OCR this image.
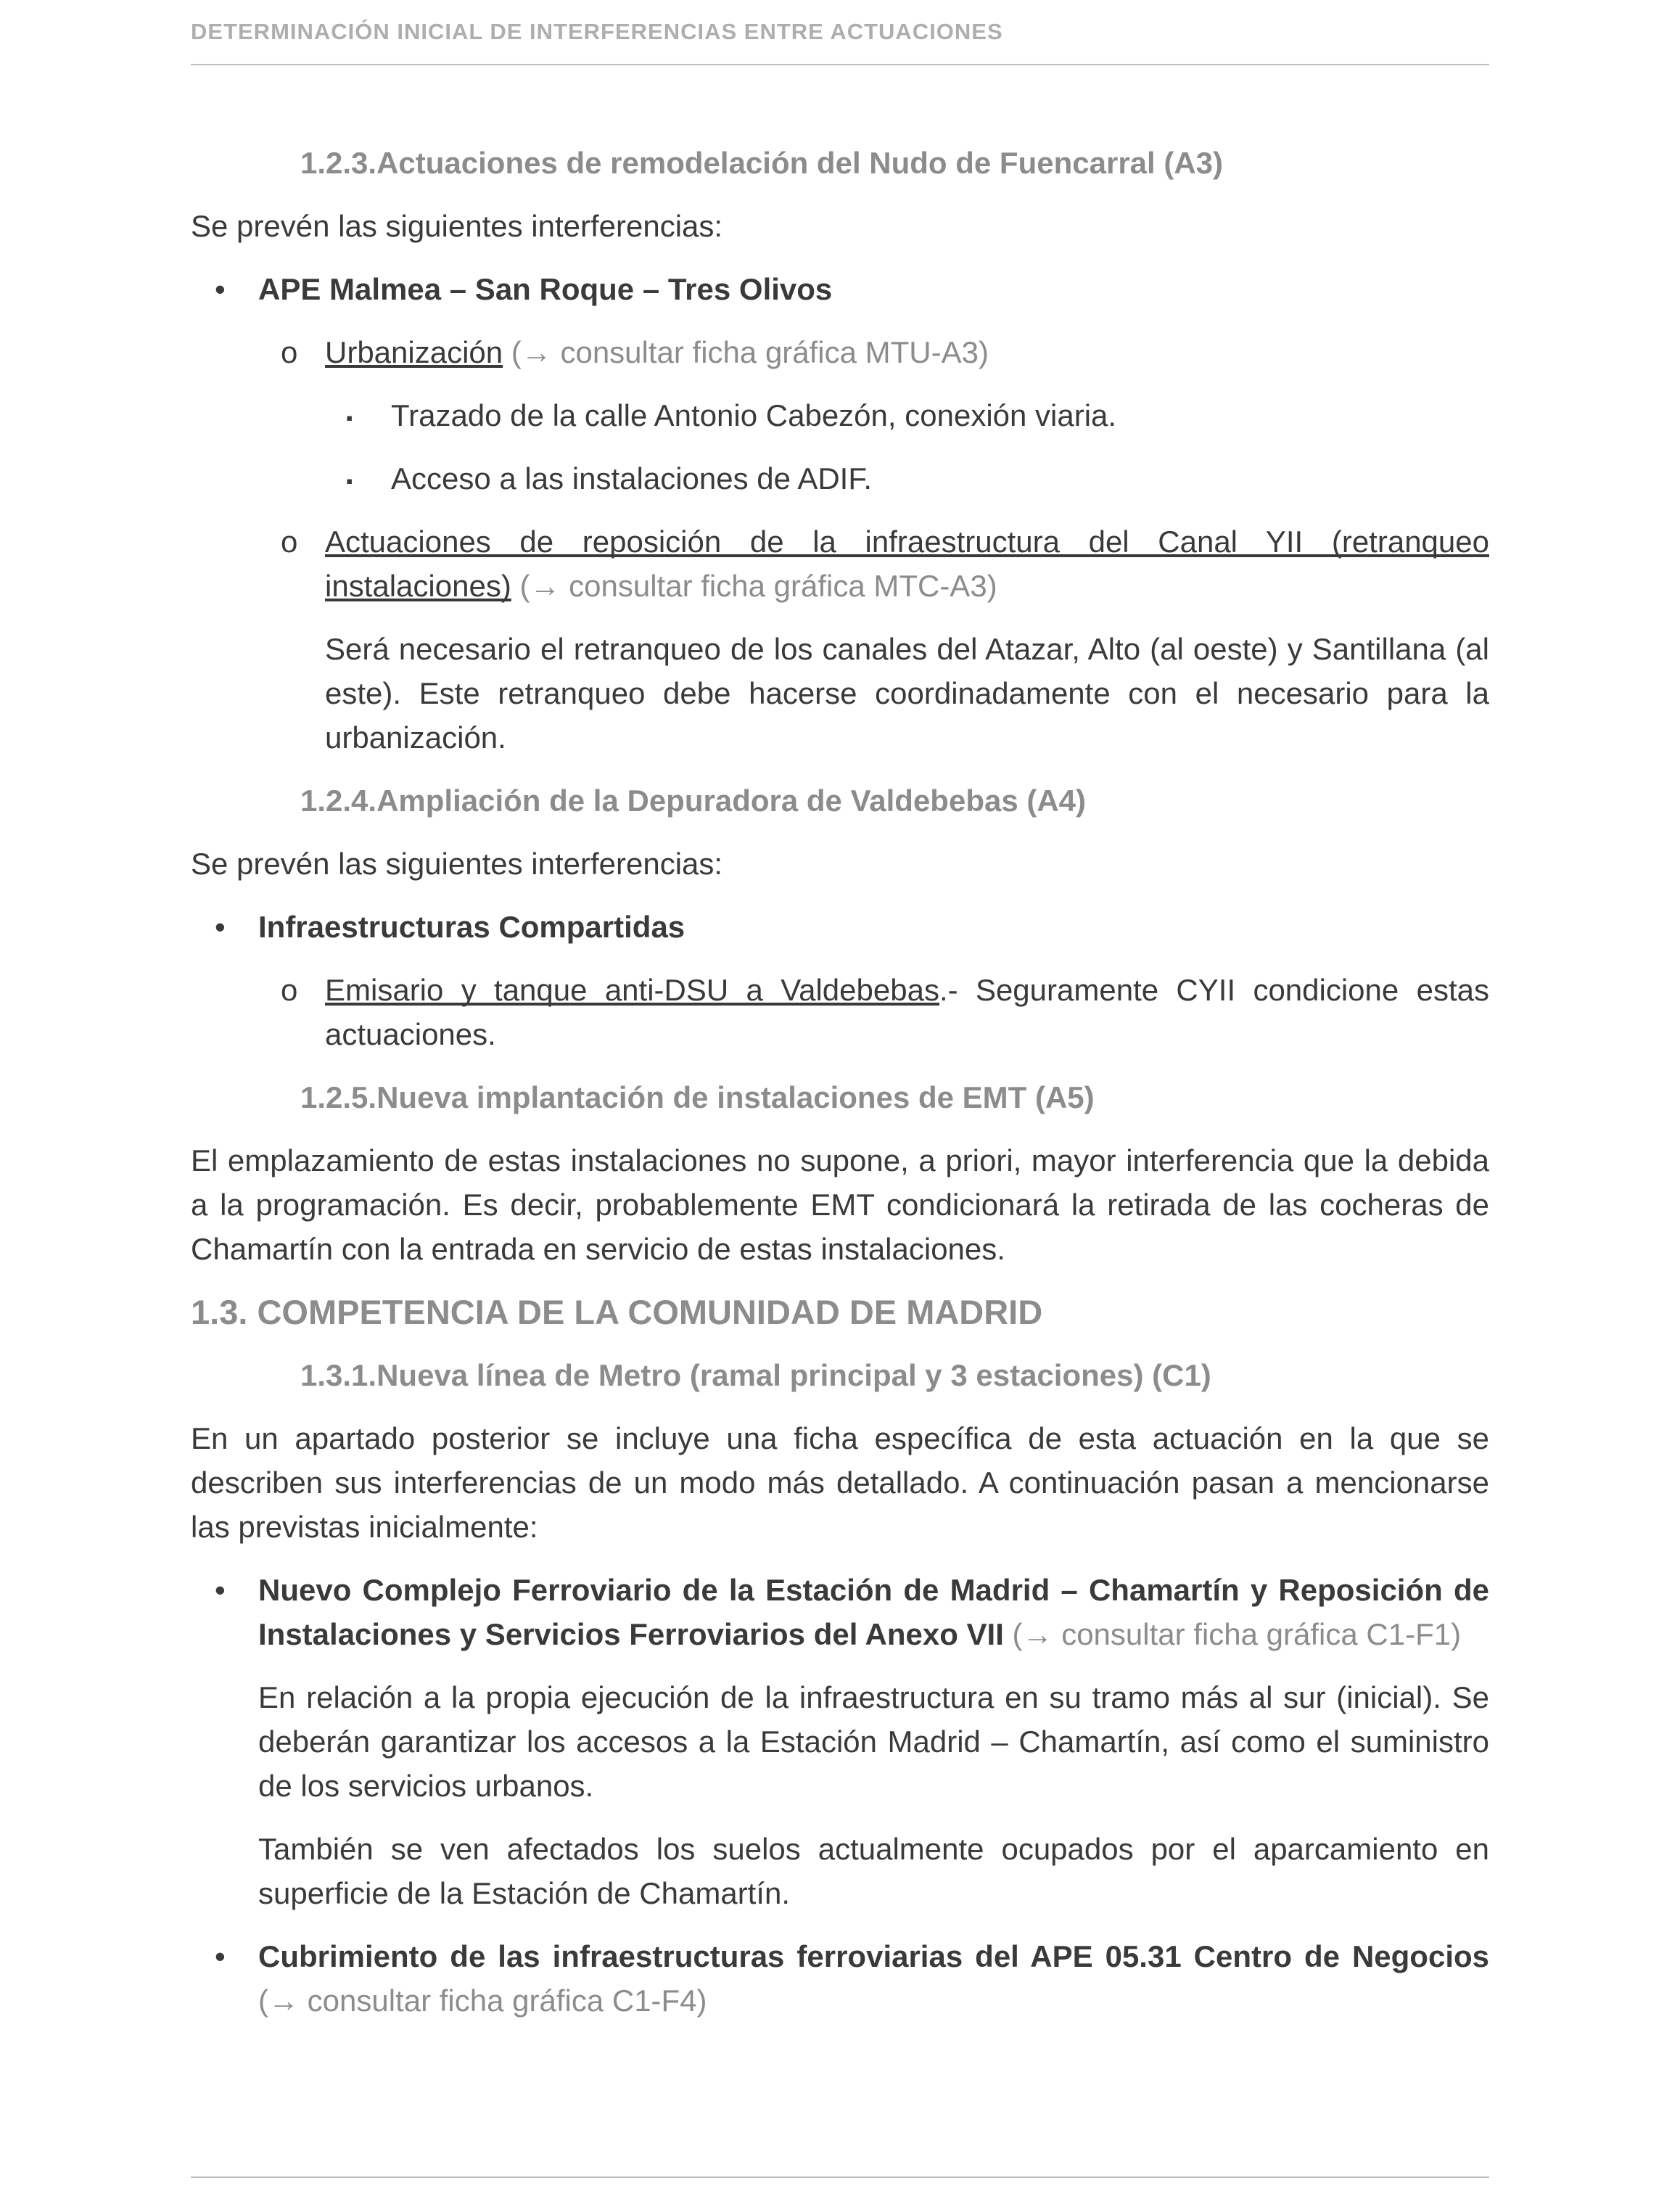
DETERMINACIÓN INICIAL DE INTERFERENCIAS ENTRE ACTUACIONES
1.2.3.Actuaciones de remodelación del Nudo de Fuencarral (A3)

Se prevén las siguientes interferencias:

• APE Malmea – San Roque – Tres Olivos
o Urbanización (→ consultar ficha gráfica MTU-A3)
▪ Trazado de la calle Antonio Cabezón, conexión viaria.
▪ Acceso a las instalaciones de ADIF.
o Actuaciones de reposición de la infraestructura del Canal YII (retranqueo instalaciones) (→ consultar ficha gráfica MTC-A3)

Será necesario el retranqueo de los canales del Atazar, Alto (al oeste) y Santillana (al este). Este retranqueo debe hacerse coordinadamente con el necesario para la urbanización.

1.2.4.Ampliación de la Depuradora de Valdebebas (A4)

Se prevén las siguientes interferencias:

• Infraestructuras Compartidas
o Emisario y tanque anti-DSU a Valdebebas.- Seguramente CYII condicione estas actuaciones.
1.2.5.Nueva implantación de instalaciones de EMT (A5)

El emplazamiento de estas instalaciones no supone, a priori, mayor interferencia que la debida a la programación. Es decir, probablemente EMT condicionará la retirada de las cocheras de Chamartín con la entrada en servicio de estas instalaciones.

1.3. COMPETENCIA DE LA COMUNIDAD DE MADRID
1.3.1.Nueva línea de Metro (ramal principal y 3 estaciones) (C1)

En un apartado posterior se incluye una ficha específica de esta actuación en la que se describen sus interferencias de un modo más detallado. A continuación pasan a mencionarse las previstas inicialmente:

• Nuevo Complejo Ferroviario de la Estación de Madrid – Chamartín y Reposición de Instalaciones y Servicios Ferroviarios del Anexo VII (→ consultar ficha gráfica C1-F1)

En relación a la propia ejecución de la infraestructura en su tramo más al sur (inicial). Se deberán garantizar los accesos a la Estación Madrid – Chamartín, así como el suministro de los servicios urbanos.

También se ven afectados los suelos actualmente ocupados por el aparcamiento en superficie de la Estación de Chamartín.

• Cubrimiento de las infraestructuras ferroviarias del APE 05.31 Centro de Negocios (→ consultar ficha gráfica C1-F4)
